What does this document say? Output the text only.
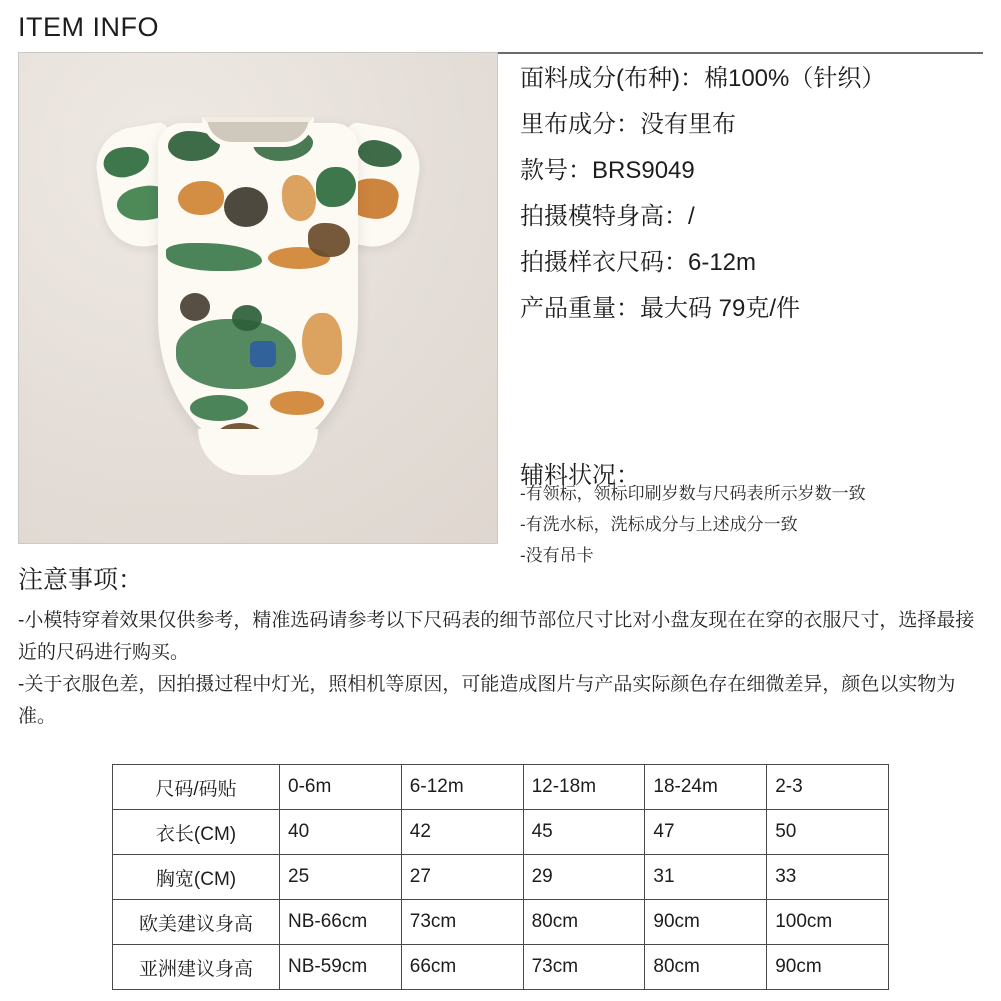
ITEM INFO
面料成分(布种)：棉100%（针织）
里布成分：没有里布
款号：BRS9049
拍摄模特身高：/
拍摄样衣尺码：6-12m
产品重量：最大码 79克/件
辅料状况：
-有领标，领标印刷岁数与尺码表所示岁数一致
-有洗水标，洗标成分与上述成分一致
-没有吊卡
注意事项：
-小模特穿着效果仅供参考，精准选码请参考以下尺码表的细节部位尺寸比对小盘友现在在穿的衣服尺寸，选择最接近的尺码进行购买。
-关于衣服色差，因拍摄过程中灯光，照相机等原因，可能造成图片与产品实际颜色存在细微差异，颜色以实物为准。
尺码/码贴	0-6m	6-12m	12-18m	18-24m	2-3
衣长(CM)	40	42	45	47	50
胸宽(CM)	25	27	29	31	33
欧美建议身高	NB-66cm	73cm	80cm	90cm	100cm
亚洲建议身高	NB-59cm	66cm	73cm	80cm	90cm
